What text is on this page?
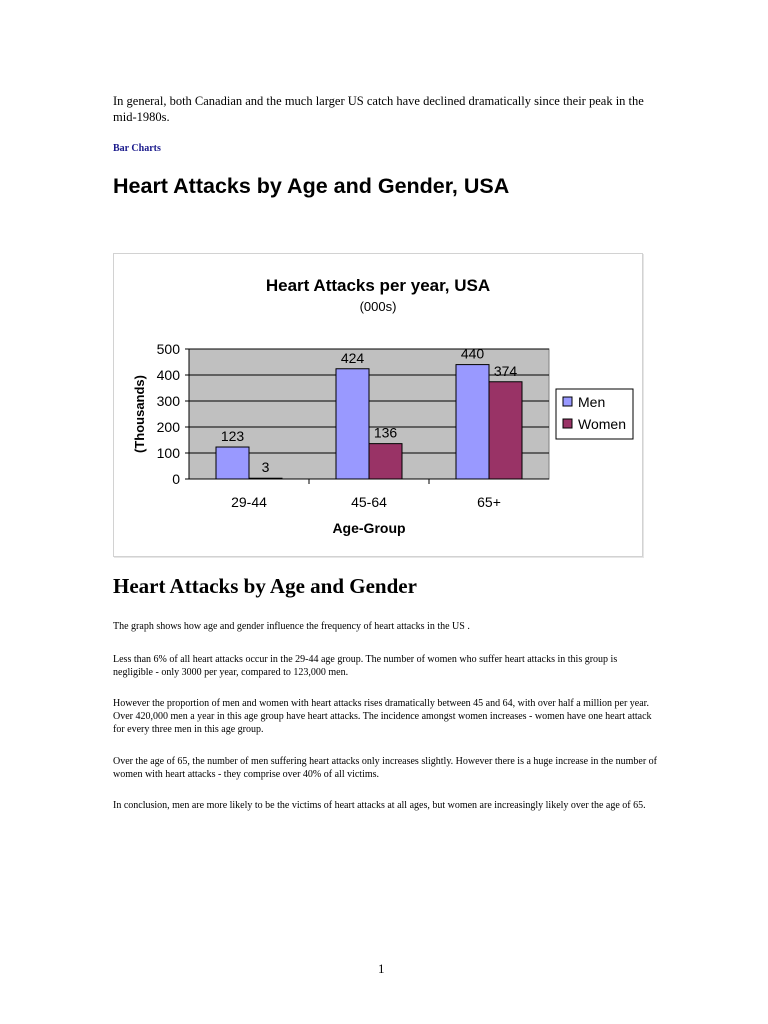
In general, both Canadian and the much larger US catch have declined dramatically since their peak in the mid-1980s.
Bar Charts
Heart Attacks by Age and Gender, USA
Heart Attacks per year, USA
(000s)
0
100
200
300
400
500
123
3
29-44
424
136
45-64
440
374
65+
Age-Group
(Thousands)	Men
Women
Heart Attacks by Age and Gender

The graph shows how age and gender influence the frequency of heart attacks in the US .

Less than 6% of all heart attacks occur in the 29-44 age group. The number of women who suffer heart attacks in this group is negligible - only 3000 per year, compared to 123,000 men.

However the proportion of men and women with heart attacks rises dramatically between 45 and 64, with over half a million per year. Over 420,000 men a year in this age group have heart attacks. The incidence amongst women increases - women have one heart attack for every three men in this age group.

Over the age of 65, the number of men suffering heart attacks only increases slightly. However there is a huge increase in the number of women with heart attacks - they comprise over 40% of all victims.

In conclusion, men are more likely to be the victims of heart attacks at all ages, but women are increasingly likely over the age of 65.

1
